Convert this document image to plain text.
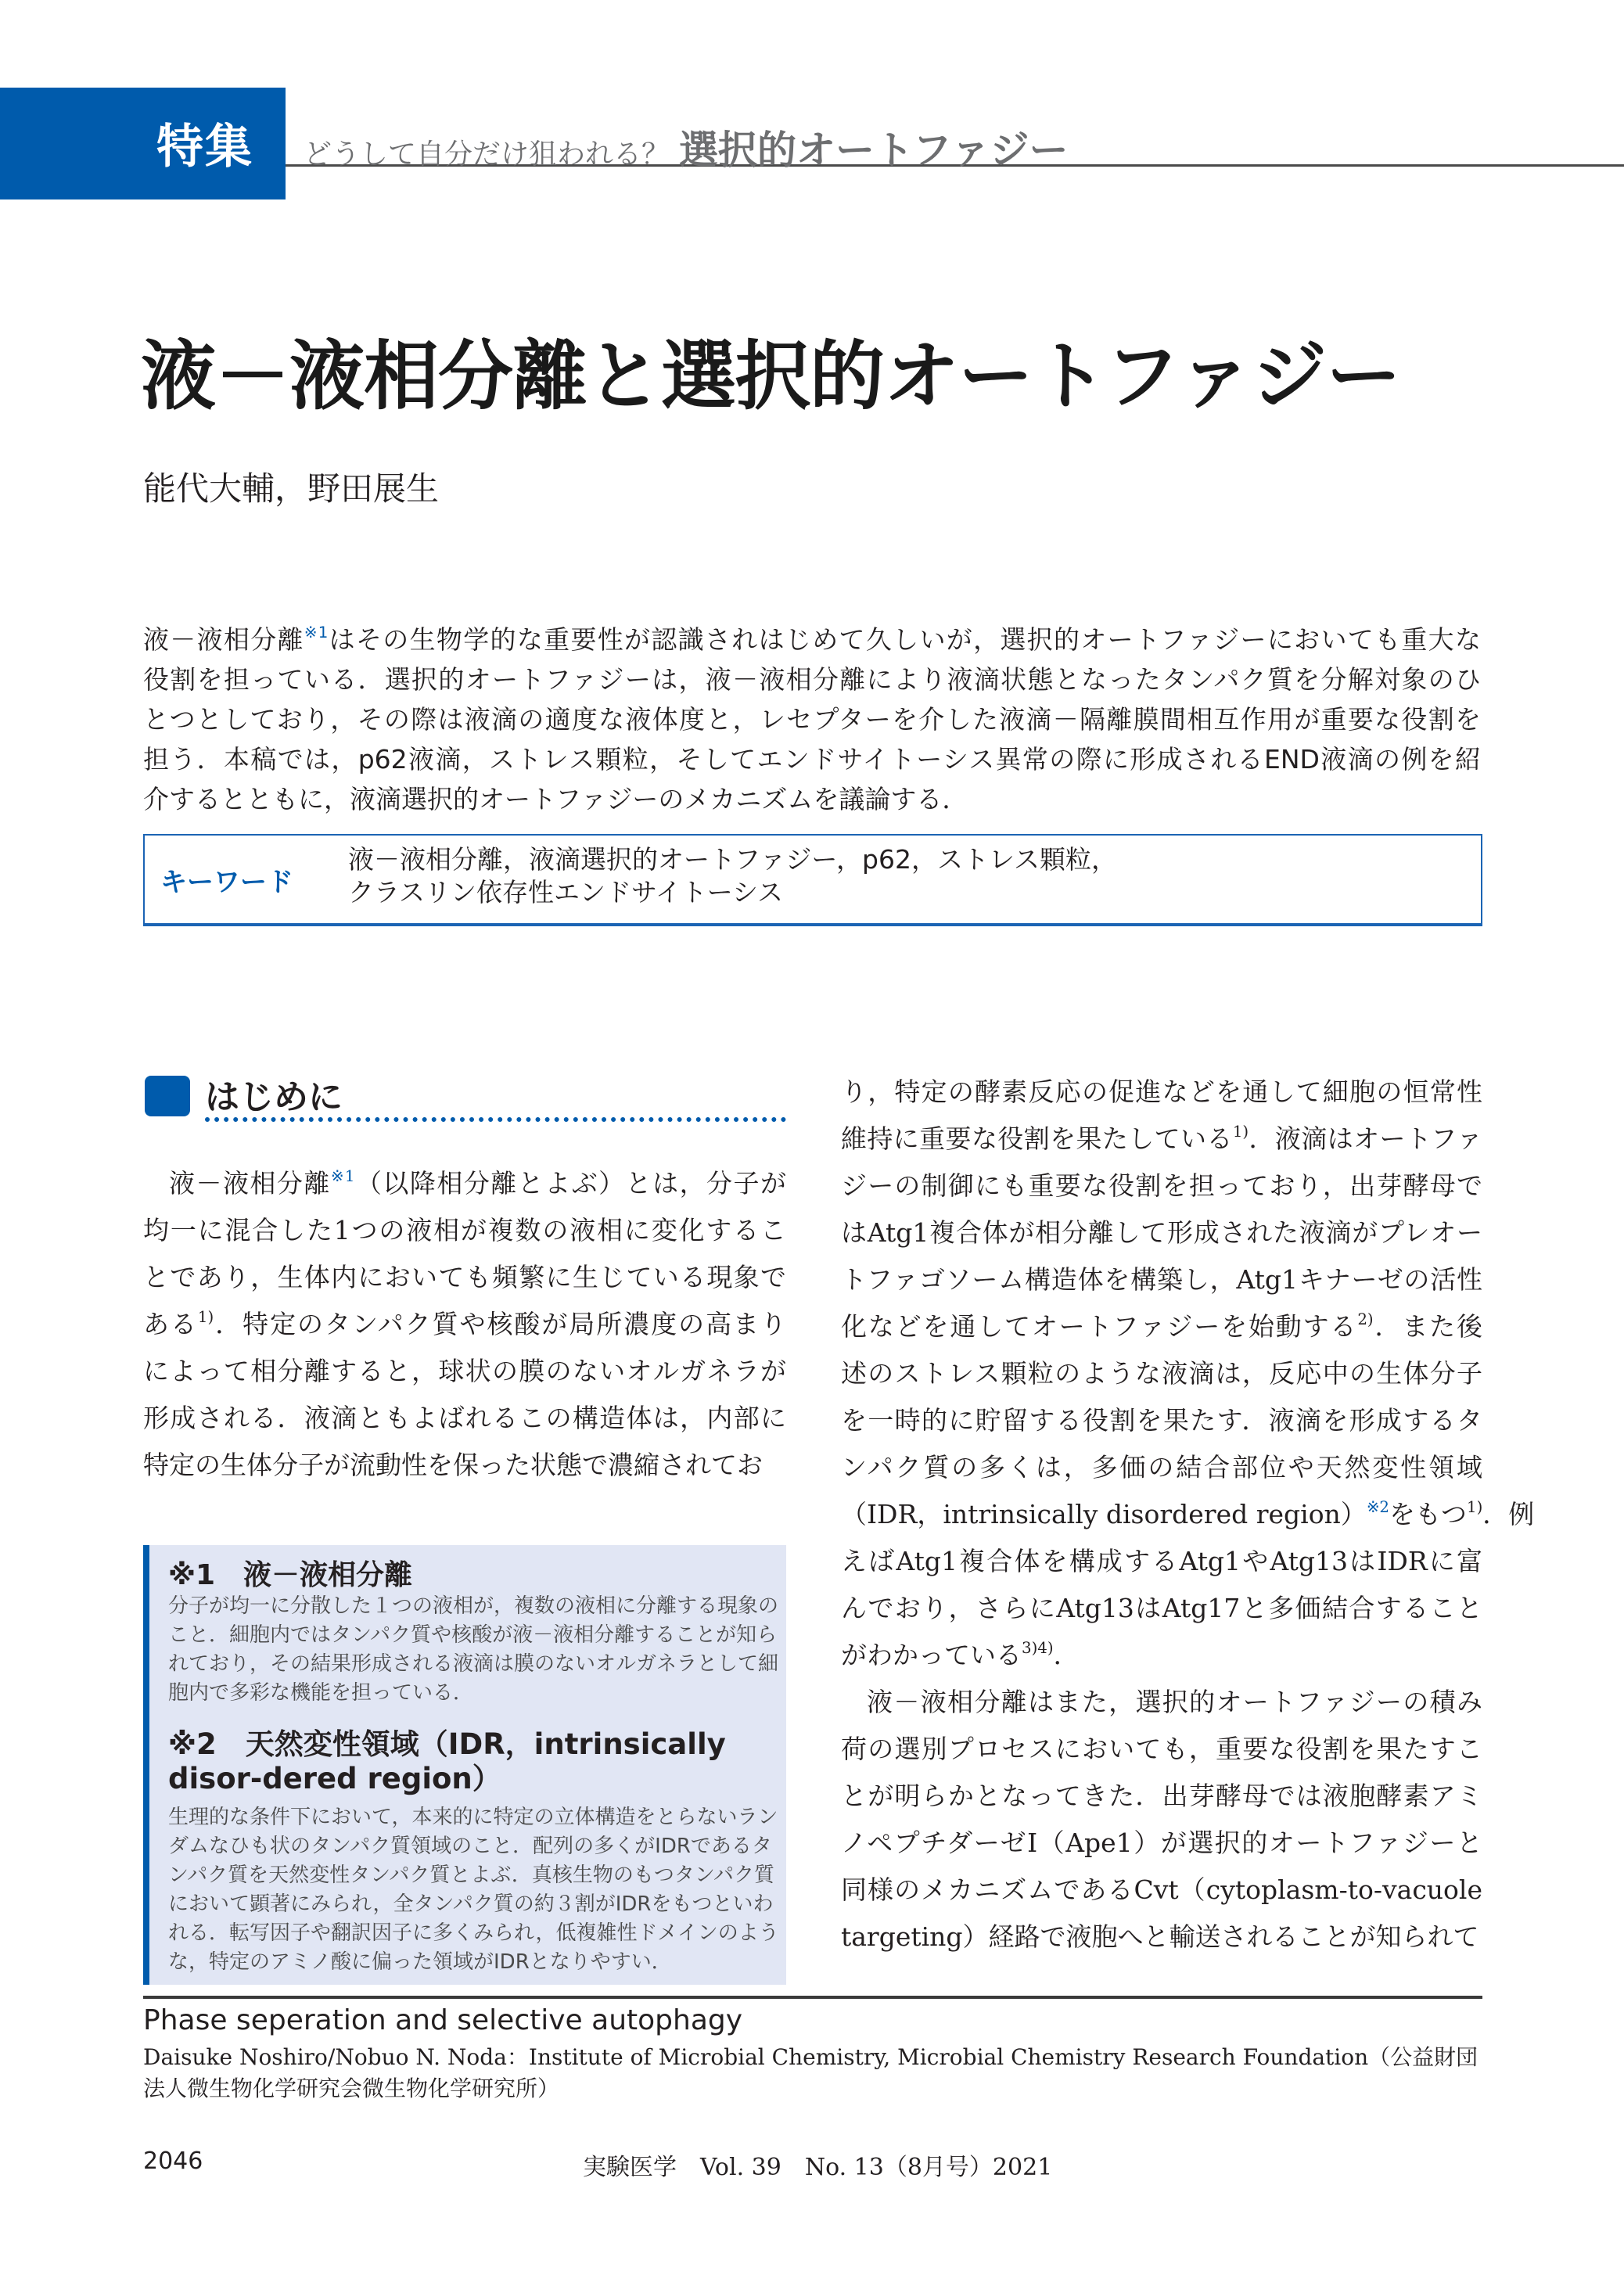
特集	どうして自分だけ狙われる？ 選択的オートファジー
液－液相分離と選択的オートファジー
能代大輔，野田展生
液－液相分離$^{※1}$はその生物学的な重要性が認識されはじめて久しいが，選択的オートファジーにおいても重大な
役割を担っている．選択的オートファジーは，液－液相分離により液滴状態となったタンパク質を分解対象のひ
とつとしており，その際は液滴の適度な液体度と，レセプターを介した液滴－隔離膜間相互作用が重要な役割を
担う．本稿では，p62液滴，ストレス顆粒，そしてエンドサイトーシス異常の際に形成されるEND液滴の例を紹
介するとともに，液滴選択的オートファジーのメカニズムを議論する．
キーワード
液－液相分離，液滴選択的オートファジー，p62，ストレス顆粒，
クラスリン依存性エンドサイトーシス
はじめに
液－液相分離$^{※1}$（以降相分離とよぶ）とは，分子が
均一に混合した1つの液相が複数の液相に変化するこ
とであり，生体内においても頻繁に生じている現象で
ある$^{1)}$．特定のタンパク質や核酸が局所濃度の高まり
によって相分離すると，球状の膜のないオルガネラが
形成される．液滴ともよばれるこの構造体は，内部に
特定の生体分子が流動性を保った状態で濃縮されてお
※1　液－液相分離
分子が均一に分散した１つの液相が，複数の液相に分離する現象の
こと．細胞内ではタンパク質や核酸が液－液相分離することが知ら
れており，その結果形成される液滴は膜のないオルガネラとして細
胞内で多彩な機能を担っている．
※2　天然変性領域（IDR，intrinsically disor-dered region）
生理的な条件下において，本来的に特定の立体構造をとらないラン
ダムなひも状のタンパク質領域のこと．配列の多くがIDRであるタ
ンパク質を天然変性タンパク質とよぶ．真核生物のもつタンパク質
において顕著にみられ，全タンパク質の約３割がIDRをもつといわ
れる．転写因子や翻訳因子に多くみられ，低複雑性ドメインのよう
な，特定のアミノ酸に偏った領域がIDRとなりやすい．
り，特定の酵素反応の促進などを通して細胞の恒常性
維持に重要な役割を果たしている$^{1)}$．液滴はオートファ
ジーの制御にも重要な役割を担っており，出芽酵母で
はAtg1複合体が相分離して形成された液滴がプレオー
トファゴソーム構造体を構築し，Atg1キナーゼの活性
化などを通してオートファジーを始動する$^{2)}$．また後
述のストレス顆粒のような液滴は，反応中の生体分子
を一時的に貯留する役割を果たす．液滴を形成するタ
ンパク質の多くは，多価の結合部位や天然変性領域
（IDR，intrinsically disordered region）$^{※2}$をもつ$^{1)}$．例
えばAtg1複合体を構成するAtg1やAtg13はIDRに富
んでおり，さらにAtg13はAtg17と多価結合すること
がわかっている$^{3)4)}$．
液－液相分離はまた，選択的オートファジーの積み
荷の選別プロセスにおいても，重要な役割を果たすこ
とが明らかとなってきた．出芽酵母では液胞酵素アミ
ノペプチダーゼⅠ（Ape1）が選択的オートファジーと
同様のメカニズムであるCvt（cytoplasm-to-vacuole
targeting）経路で液胞へと輸送されることが知られて
Phase seperation and selective autophagy
Daisuke Noshiro/Nobuo N. Noda：Institute of Microbial Chemistry, Microbial Chemistry Research Foundation（公益財団法人微生物化学研究会微生物化学研究所）
2046	実験医学　Vol. 39　No. 13（8月号）2021
